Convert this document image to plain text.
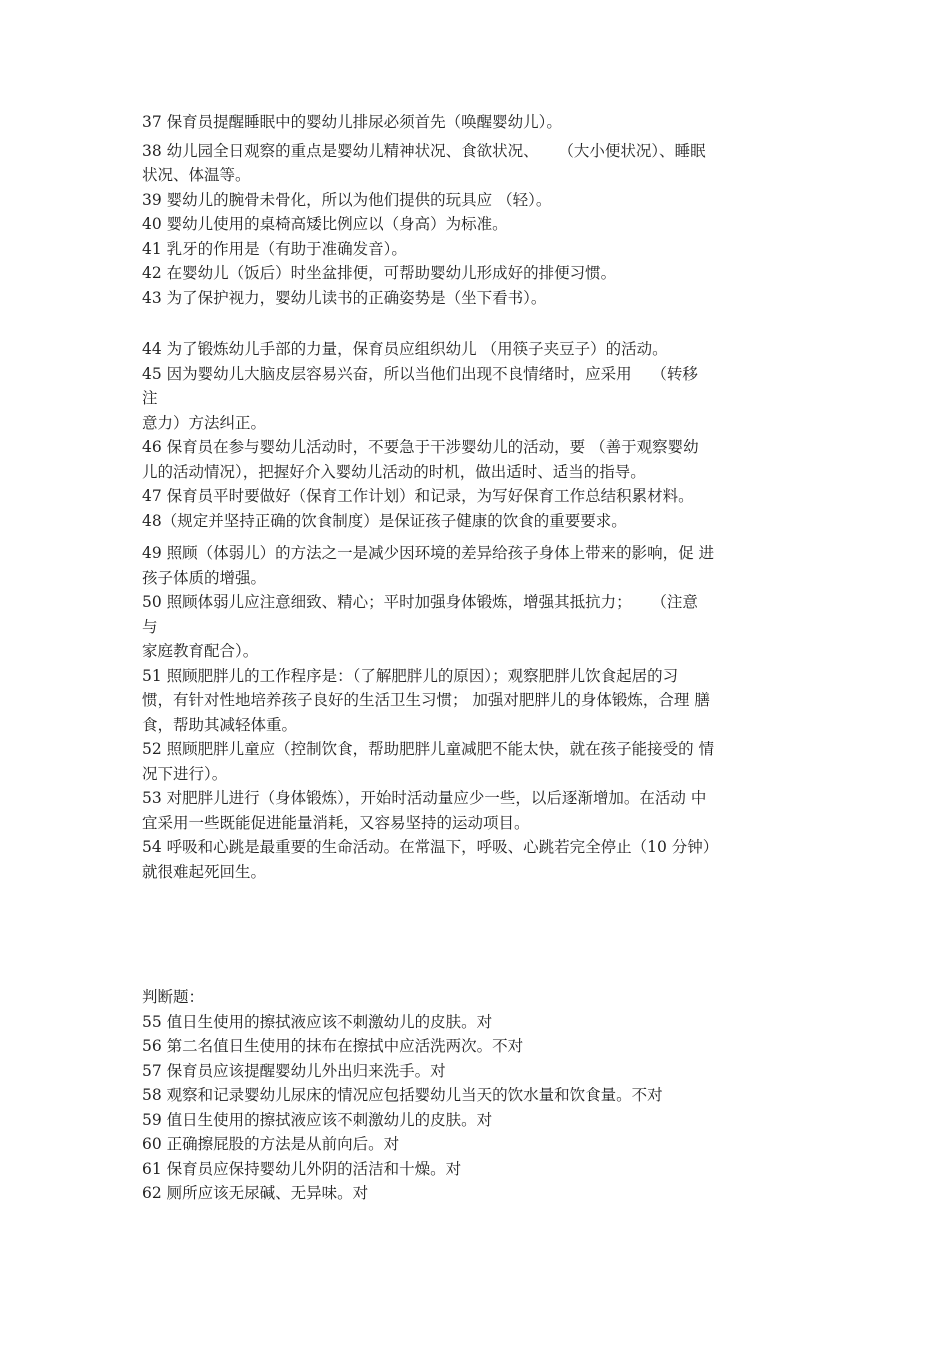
37 保育员提醒睡眠中的婴幼儿排尿必须首先（唤醒婴幼儿）。
38 幼儿园全日观察的重点是婴幼儿精神状况、食欲状况、    （大小便状况）、睡眠
状况、体温等。
39 婴幼儿的腕骨未骨化，所以为他们提供的玩具应 （轻）。
40 婴幼儿使用的桌椅高矮比例应以（身高）为标准。
41 乳牙的作用是（有助于准确发音）。
42 在婴幼儿（饭后）时坐盆排便，可帮助婴幼儿形成好的排便习惯。
43 为了保护视力，婴幼儿读书的正确姿势是（坐下看书）。
44 为了锻炼幼儿手部的力量，保育员应组织幼儿 （用筷子夹豆子）的活动。
45 因为婴幼儿大脑皮层容易兴奋，所以当他们出现不良情绪时，应采用    （转移
注
意力）方法纠正。
46 保育员在参与婴幼儿活动时，不要急于干涉婴幼儿的活动，要 （善于观察婴幼
儿的活动情况），把握好介入婴幼儿活动的时机，做出适时、适当的指导。
47 保育员平时要做好（保育工作计划）和记录，为写好保育工作总结积累材料。
48（规定并坚持正确的饮食制度）是保证孩子健康的饮食的重要要求。
49 照顾（体弱儿）的方法之一是减少因环境的差异给孩子身体上带来的影响，促 进
孩子体质的增强。
50 照顾体弱儿应注意细致、精心；平时加强身体锻炼，增强其抵抗力；    （注意
与
家庭教育配合）。
51 照顾肥胖儿的工作程序是：（了解肥胖儿的原因）；观察肥胖儿饮食起居的习
惯，有针对性地培养孩子良好的生活卫生习惯； 加强对肥胖儿的身体锻炼，合理 膳
食，帮助其减轻体重。
52 照顾肥胖儿童应（控制饮食，帮助肥胖儿童减肥不能太快，就在孩子能接受的 情
况下进行）。
53 对肥胖儿进行（身体锻炼），开始时活动量应少一些，以后逐渐增加。在活动 中
宜采用一些既能促进能量消耗，又容易坚持的运动项目。
54 呼吸和心跳是最重要的生命活动。在常温下，呼吸、心跳若完全停止（10 分钟）
就很难起死回生。
判断题：
55 值日生使用的擦拭液应该不刺激幼儿的皮肤。对
56 第二名值日生使用的抹布在擦拭中应活洗两次。不对
57 保育员应该提醒婴幼儿外出归来洗手。对
58 观察和记录婴幼儿尿床的情况应包括婴幼儿当天的饮水量和饮食量。不对
59 值日生使用的擦拭液应该不刺激幼儿的皮肤。对
60 正确擦屁股的方法是从前向后。对
61 保育员应保持婴幼儿外阴的活洁和十燥。对
62 厕所应该无尿碱、无异味。对
